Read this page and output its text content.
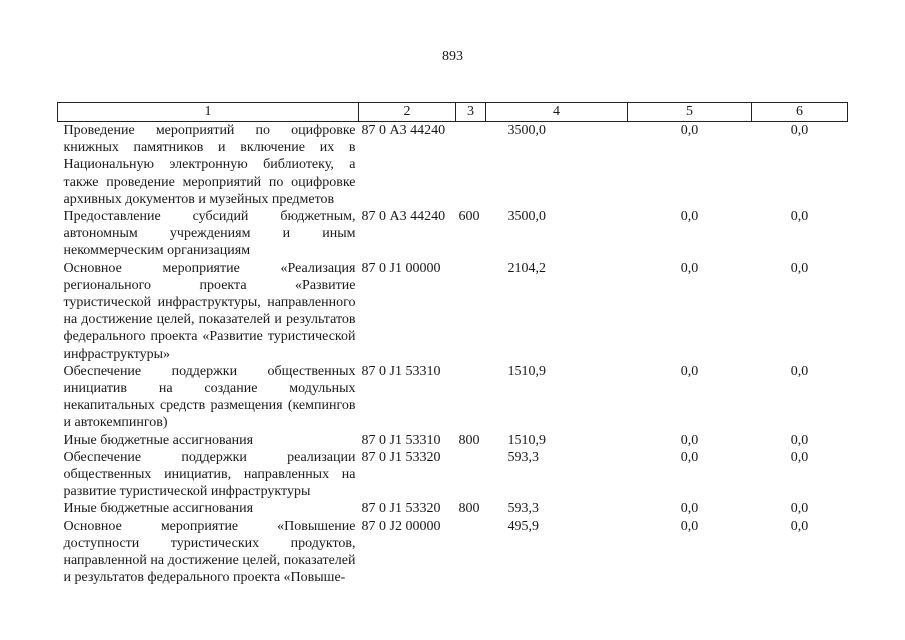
893
1	2	3	4	5	6
Проведение мероприятий по оцифровке книжных памятников и включение их в Национальную электронную библиотеку, а также проведение мероприятий по оцифровке архивных документов и музейных предметов	87 0 А3 44240		3500,0	0,0	0,0
Предоставление субсидий бюджетным, автономным учреждениям и иным некоммерческим организациям	87 0 А3 44240	600	3500,0	0,0	0,0
Основное мероприятие «Реализация регионального проекта «Развитие туристической инфраструктуры, направленного на достижение целей, показателей и результатов федерального проекта «Развитие туристической инфраструктуры»	87 0 J1 00000		2104,2	0,0	0,0
Обеспечение поддержки общественных инициатив на создание модульных некапитальных средств размещения (кемпингов и автокемпингов)	87 0 J1 53310		1510,9	0,0	0,0
Иные бюджетные ассигнования	87 0 J1 53310	800	1510,9	0,0	0,0
Обеспечение поддержки реализации общественных инициатив, направленных на развитие туристической инфраструктуры	87 0 J1 53320		593,3	0,0	0,0
Иные бюджетные ассигнования	87 0 J1 53320	800	593,3	0,0	0,0
Основное мероприятие «Повышение доступности туристических продуктов, направленной на достижение целей, показателей и результатов федерального проекта «Повыше-	87 0 J2 00000		495,9	0,0	0,0
